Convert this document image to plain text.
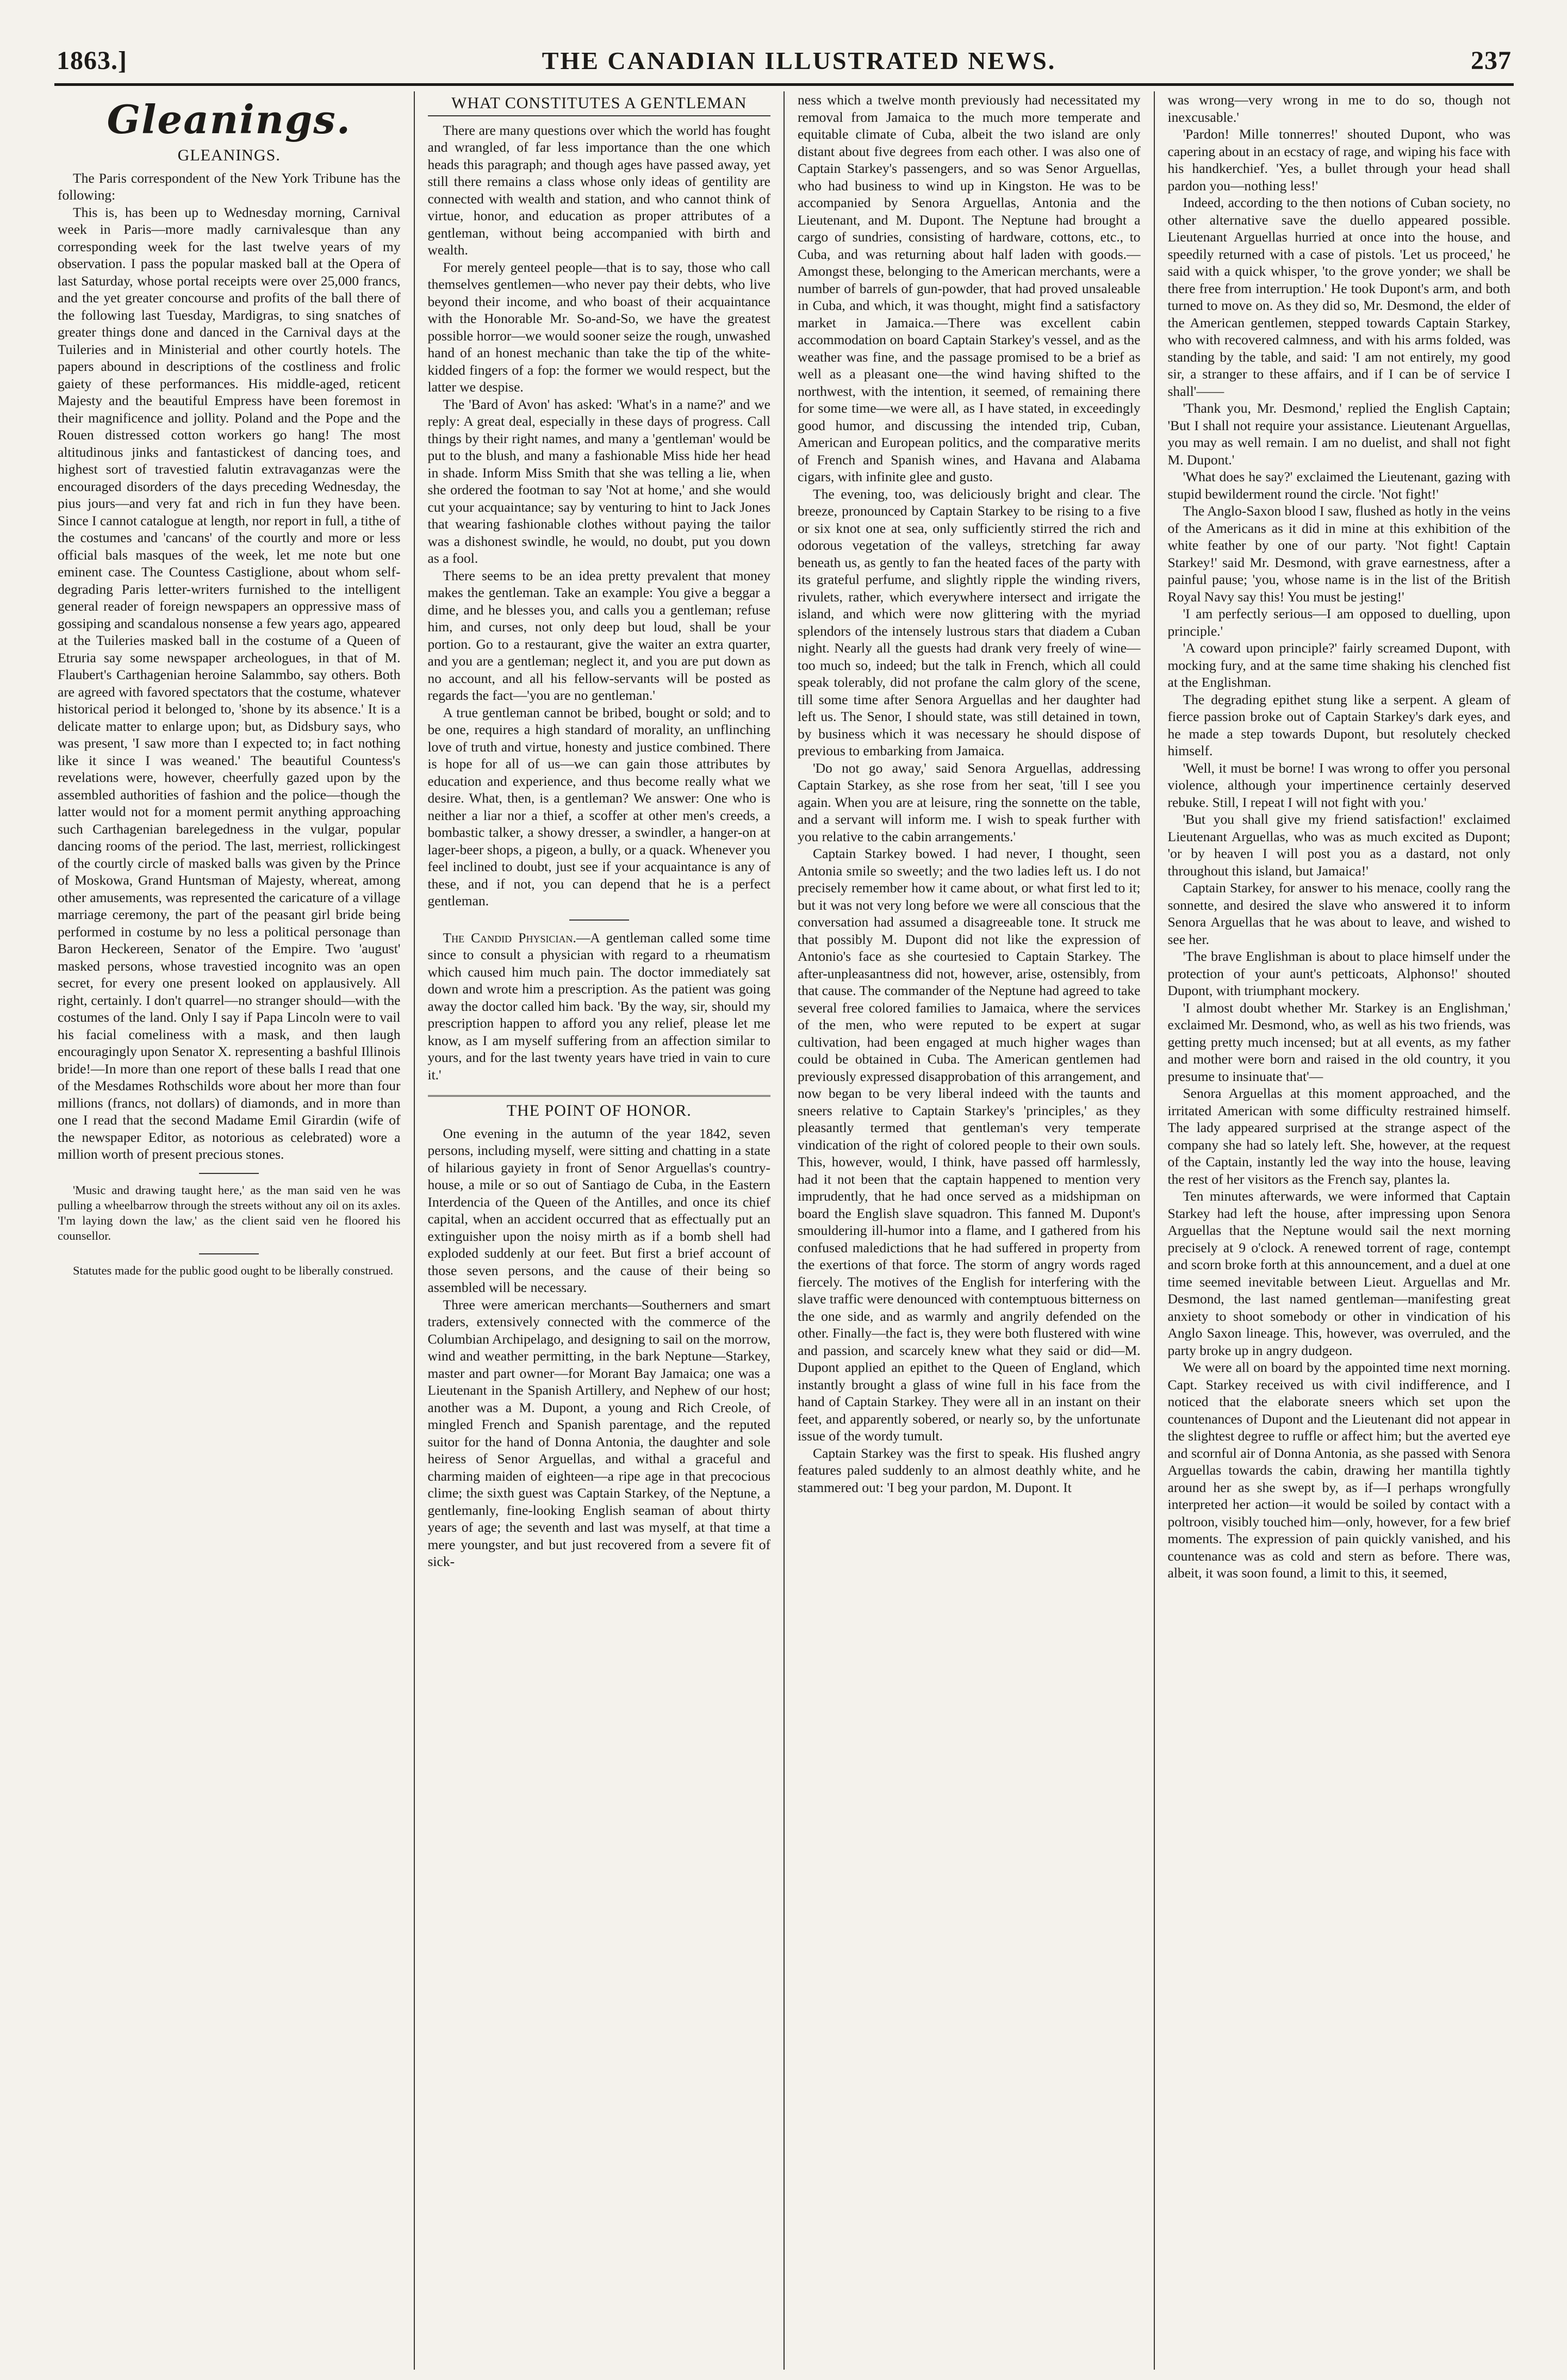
1863.]	THE CANADIAN ILLUSTRATED NEWS.	237
Gleanings.
GLEANINGS.

The Paris correspondent of the New York Tribune has the following:

This is, has been up to Wednesday morning, Carnival week in Paris—more madly carnivalesque than any corresponding week for the last twelve years of my observation. I pass the popular masked ball at the Opera of last Saturday, whose portal receipts were over 25,000 francs, and the yet greater concourse and profits of the ball there of the following last Tuesday, Mardigras, to sing snatches of greater things done and danced in the Carnival days at the Tuileries and in Ministerial and other courtly hotels. The papers abound in descriptions of the costliness and frolic gaiety of these performances. His middle-aged, reticent Majesty and the beautiful Empress have been foremost in their magnificence and jollity. Poland and the Pope and the Rouen distressed cotton workers go hang! The most altitudinous jinks and fantastickest of dancing toes, and highest sort of travestied falutin extravaganzas were the encouraged disorders of the days preceding Wednesday, the pius jours—and very fat and rich in fun they have been. Since I cannot catalogue at length, nor report in full, a tithe of the costumes and 'cancans' of the courtly and more or less official bals masques of the week, let me note but one eminent case. The Countess Castiglione, about whom self-degrading Paris letter-writers furnished to the intelligent general reader of foreign newspapers an oppressive mass of gossiping and scandalous nonsense a few years ago, appeared at the Tuileries masked ball in the costume of a Queen of Etruria say some newspaper archeologues, in that of M. Flaubert's Carthagenian heroine Salammbo, say others. Both are agreed with favored spectators that the costume, whatever historical period it belonged to, 'shone by its absence.' It is a delicate matter to enlarge upon; but, as Didsbury says, who was present, 'I saw more than I expected to; in fact nothing like it since I was weaned.' The beautiful Countess's revelations were, however, cheerfully gazed upon by the assembled authorities of fashion and the police—though the latter would not for a moment permit anything approaching such Carthagenian barelegedness in the vulgar, popular dancing rooms of the period. The last, merriest, rollickingest of the courtly circle of masked balls was given by the Prince of Moskowa, Grand Huntsman of Majesty, whereat, among other amusements, was represented the caricature of a village marriage ceremony, the part of the peasant girl bride being performed in costume by no less a political personage than Baron Heckereen, Senator of the Empire. Two 'august' masked persons, whose travestied incognito was an open secret, for every one present looked on applausively. All right, certainly. I don't quarrel—no stranger should—with the costumes of the land. Only I say if Papa Lincoln were to vail his facial comeliness with a mask, and then laugh encouragingly upon Senator X. representing a bashful Illinois bride!—In more than one report of these balls I read that one of the Mesdames Rothschilds wore about her more than four millions (francs, not dollars) of diamonds, and in more than one I read that the second Madame Emil Girardin (wife of the newspaper Editor, as notorious as celebrated) wore a million worth of present precious stones.

'Music and drawing taught here,' as the man said ven he was pulling a wheelbarrow through the streets without any oil on its axles. 'I'm laying down the law,' as the client said ven he floored his counsellor.

Statutes made for the public good ought to be liberally construed.

WHAT CONSTITUTES A GENTLEMAN

There are many questions over which the world has fought and wrangled, of far less importance than the one which heads this paragraph; and though ages have passed away, yet still there remains a class whose only ideas of gentility are connected with wealth and station, and who cannot think of virtue, honor, and education as proper attributes of a gentleman, without being accompanied with birth and wealth.

For merely genteel people—that is to say, those who call themselves gentlemen—who never pay their debts, who live beyond their income, and who boast of their acquaintance with the Honorable Mr. So-and-So, we have the greatest possible horror—we would sooner seize the rough, unwashed hand of an honest mechanic than take the tip of the white-kidded fingers of a fop: the former we would respect, but the latter we despise.

The 'Bard of Avon' has asked: 'What's in a name?' and we reply: A great deal, especially in these days of progress. Call things by their right names, and many a 'gentleman' would be put to the blush, and many a fashionable Miss hide her head in shade. Inform Miss Smith that she was telling a lie, when she ordered the footman to say 'Not at home,' and she would cut your acquaintance; say by venturing to hint to Jack Jones that wearing fashionable clothes without paying the tailor was a dishonest swindle, he would, no doubt, put you down as a fool.

There seems to be an idea pretty prevalent that money makes the gentleman. Take an example: You give a beggar a dime, and he blesses you, and calls you a gentleman; refuse him, and curses, not only deep but loud, shall be your portion. Go to a restaurant, give the waiter an extra quarter, and you are a gentleman; neglect it, and you are put down as no account, and all his fellow-servants will be posted as regards the fact—'you are no gentleman.'

A true gentleman cannot be bribed, bought or sold; and to be one, requires a high standard of morality, an unflinching love of truth and virtue, honesty and justice combined. There is hope for all of us—we can gain those attributes by education and experience, and thus become really what we desire. What, then, is a gentleman? We answer: One who is neither a liar nor a thief, a scoffer at other men's creeds, a bombastic talker, a showy dresser, a swindler, a hanger-on at lager-beer shops, a pigeon, a bully, or a quack. Whenever you feel inclined to doubt, just see if your acquaintance is any of these, and if not, you can depend that he is a perfect gentleman.

The Candid Physician.—A gentleman called some time since to consult a physician with regard to a rheumatism which caused him much pain. The doctor immediately sat down and wrote him a prescription. As the patient was going away the doctor called him back. 'By the way, sir, should my prescription happen to afford you any relief, please let me know, as I am myself suffering from an affection similar to yours, and for the last twenty years have tried in vain to cure it.'

THE POINT OF HONOR.

One evening in the autumn of the year 1842, seven persons, including myself, were sitting and chatting in a state of hilarious gayiety in front of Senor Arguellas's country-house, a mile or so out of Santiago de Cuba, in the Eastern Interdencia of the Queen of the Antilles, and once its chief capital, when an accident occurred that as effectually put an extinguisher upon the noisy mirth as if a bomb shell had exploded suddenly at our feet. But first a brief account of those seven persons, and the cause of their being so assembled will be necessary.

Three were american merchants—Southerners and smart traders, extensively connected with the commerce of the Columbian Archipelago, and designing to sail on the morrow, wind and weather permitting, in the bark Neptune—Starkey, master and part owner—for Morant Bay Jamaica; one was a Lieutenant in the Spanish Artillery, and Nephew of our host; another was a M. Dupont, a young and Rich Creole, of mingled French and Spanish parentage, and the reputed suitor for the hand of Donna Antonia, the daughter and sole heiress of Senor Arguellas, and withal a graceful and charming maiden of eighteen—a ripe age in that precocious clime; the sixth guest was Captain Starkey, of the Neptune, a gentlemanly, fine-looking English seaman of about thirty years of age; the seventh and last was myself, at that time a mere youngster, and but just recovered from a severe fit of sick-

ness which a twelve month previously had necessitated my removal from Jamaica to the much more temperate and equitable climate of Cuba, albeit the two island are only distant about five degrees from each other. I was also one of Captain Starkey's passengers, and so was Senor Arguellas, who had business to wind up in Kingston. He was to be accompanied by Senora Arguellas, Antonia and the Lieutenant, and M. Dupont. The Neptune had brought a cargo of sundries, consisting of hardware, cottons, etc., to Cuba, and was returning about half laden with goods.—Amongst these, belonging to the American merchants, were a number of barrels of gun-powder, that had proved unsaleable in Cuba, and which, it was thought, might find a satisfactory market in Jamaica.—There was excellent cabin accommodation on board Captain Starkey's vessel, and as the weather was fine, and the passage promised to be a brief as well as a pleasant one—the wind having shifted to the northwest, with the intention, it seemed, of remaining there for some time—we were all, as I have stated, in exceedingly good humor, and discussing the intended trip, Cuban, American and European politics, and the comparative merits of French and Spanish wines, and Havana and Alabama cigars, with infinite glee and gusto.

The evening, too, was deliciously bright and clear. The breeze, pronounced by Captain Starkey to be rising to a five or six knot one at sea, only sufficiently stirred the rich and odorous vegetation of the valleys, stretching far away beneath us, as gently to fan the heated faces of the party with its grateful perfume, and slightly ripple the winding rivers, rivulets, rather, which everywhere intersect and irrigate the island, and which were now glittering with the myriad splendors of the intensely lustrous stars that diadem a Cuban night. Nearly all the guests had drank very freely of wine—too much so, indeed; but the talk in French, which all could speak tolerably, did not profane the calm glory of the scene, till some time after Senora Arguellas and her daughter had left us. The Senor, I should state, was still detained in town, by business which it was necessary he should dispose of previous to embarking from Jamaica.

'Do not go away,' said Senora Arguellas, addressing Captain Starkey, as she rose from her seat, 'till I see you again. When you are at leisure, ring the sonnette on the table, and a servant will inform me. I wish to speak further with you relative to the cabin arrangements.'

Captain Starkey bowed. I had never, I thought, seen Antonia smile so sweetly; and the two ladies left us. I do not precisely remember how it came about, or what first led to it; but it was not very long before we were all conscious that the conversation had assumed a disagreeable tone. It struck me that possibly M. Dupont did not like the expression of Antonio's face as she courtesied to Captain Starkey. The after-unpleasantness did not, however, arise, ostensibly, from that cause. The commander of the Neptune had agreed to take several free colored families to Jamaica, where the services of the men, who were reputed to be expert at sugar cultivation, had been engaged at much higher wages than could be obtained in Cuba. The American gentlemen had previously expressed disapprobation of this arrangement, and now began to be very liberal indeed with the taunts and sneers relative to Captain Starkey's 'principles,' as they pleasantly termed that gentleman's very temperate vindication of the right of colored people to their own souls. This, however, would, I think, have passed off harmlessly, had it not been that the captain happened to mention very imprudently, that he had once served as a midshipman on board the English slave squadron. This fanned M. Dupont's smouldering ill-humor into a flame, and I gathered from his confused maledictions that he had suffered in property from the exertions of that force. The storm of angry words raged fiercely. The motives of the English for interfering with the slave traffic were denounced with contemptuous bitterness on the one side, and as warmly and angrily defended on the other. Finally—the fact is, they were both flustered with wine and passion, and scarcely knew what they said or did—M. Dupont applied an epithet to the Queen of England, which instantly brought a glass of wine full in his face from the hand of Captain Starkey. They were all in an instant on their feet, and apparently sobered, or nearly so, by the unfortunate issue of the wordy tumult.

Captain Starkey was the first to speak. His flushed angry features paled suddenly to an almost deathly white, and he stammered out: 'I beg your pardon, M. Dupont. It

was wrong—very wrong in me to do so, though not inexcusable.'

'Pardon! Mille tonnerres!' shouted Dupont, who was capering about in an ecstacy of rage, and wiping his face with his handkerchief. 'Yes, a bullet through your head shall pardon you—nothing less!'

Indeed, according to the then notions of Cuban society, no other alternative save the duello appeared possible. Lieutenant Arguellas hurried at once into the house, and speedily returned with a case of pistols. 'Let us proceed,' he said with a quick whisper, 'to the grove yonder; we shall be there free from interruption.' He took Dupont's arm, and both turned to move on. As they did so, Mr. Desmond, the elder of the American gentlemen, stepped towards Captain Starkey, who with recovered calmness, and with his arms folded, was standing by the table, and said: 'I am not entirely, my good sir, a stranger to these affairs, and if I can be of service I shall'——

'Thank you, Mr. Desmond,' replied the English Captain; 'But I shall not require your assistance. Lieutenant Arguellas, you may as well remain. I am no duelist, and shall not fight M. Dupont.'

'What does he say?' exclaimed the Lieutenant, gazing with stupid bewilderment round the circle. 'Not fight!'

The Anglo-Saxon blood I saw, flushed as hotly in the veins of the Americans as it did in mine at this exhibition of the white feather by one of our party. 'Not fight! Captain Starkey!' said Mr. Desmond, with grave earnestness, after a painful pause; 'you, whose name is in the list of the British Royal Navy say this! You must be jesting!'

'I am perfectly serious—I am opposed to duelling, upon principle.'

'A coward upon principle?' fairly screamed Dupont, with mocking fury, and at the same time shaking his clenched fist at the Englishman.

The degrading epithet stung like a serpent. A gleam of fierce passion broke out of Captain Starkey's dark eyes, and he made a step towards Dupont, but resolutely checked himself.

'Well, it must be borne! I was wrong to offer you personal violence, although your impertinence certainly deserved rebuke. Still, I repeat I will not fight with you.'

'But you shall give my friend satisfaction!' exclaimed Lieutenant Arguellas, who was as much excited as Dupont; 'or by heaven I will post you as a dastard, not only throughout this island, but Jamaica!'

Captain Starkey, for answer to his menace, coolly rang the sonnette, and desired the slave who answered it to inform Senora Arguellas that he was about to leave, and wished to see her.

'The brave Englishman is about to place himself under the protection of your aunt's petticoats, Alphonso!' shouted Dupont, with triumphant mockery.

'I almost doubt whether Mr. Starkey is an Englishman,' exclaimed Mr. Desmond, who, as well as his two friends, was getting pretty much incensed; but at all events, as my father and mother were born and raised in the old country, it you presume to insinuate that'—

Senora Arguellas at this moment approached, and the irritated American with some difficulty restrained himself. The lady appeared surprised at the strange aspect of the company she had so lately left. She, however, at the request of the Captain, instantly led the way into the house, leaving the rest of her visitors as the French say, plantes la.

Ten minutes afterwards, we were informed that Captain Starkey had left the house, after impressing upon Senora Arguellas that the Neptune would sail the next morning precisely at 9 o'clock. A renewed torrent of rage, contempt and scorn broke forth at this announcement, and a duel at one time seemed inevitable between Lieut. Arguellas and Mr. Desmond, the last named gentleman—manifesting great anxiety to shoot somebody or other in vindication of his Anglo Saxon lineage. This, however, was overruled, and the party broke up in angry dudgeon.

We were all on board by the appointed time next morning. Capt. Starkey received us with civil indifference, and I noticed that the elaborate sneers which set upon the countenances of Dupont and the Lieutenant did not appear in the slightest degree to ruffle or affect him; but the averted eye and scornful air of Donna Antonia, as she passed with Senora Arguellas towards the cabin, drawing her mantilla tightly around her as she swept by, as if—I perhaps wrongfully interpreted her action—it would be soiled by contact with a poltroon, visibly touched him—only, however, for a few brief moments. The expression of pain quickly vanished, and his countenance was as cold and stern as before. There was, albeit, it was soon found, a limit to this, it seemed,
